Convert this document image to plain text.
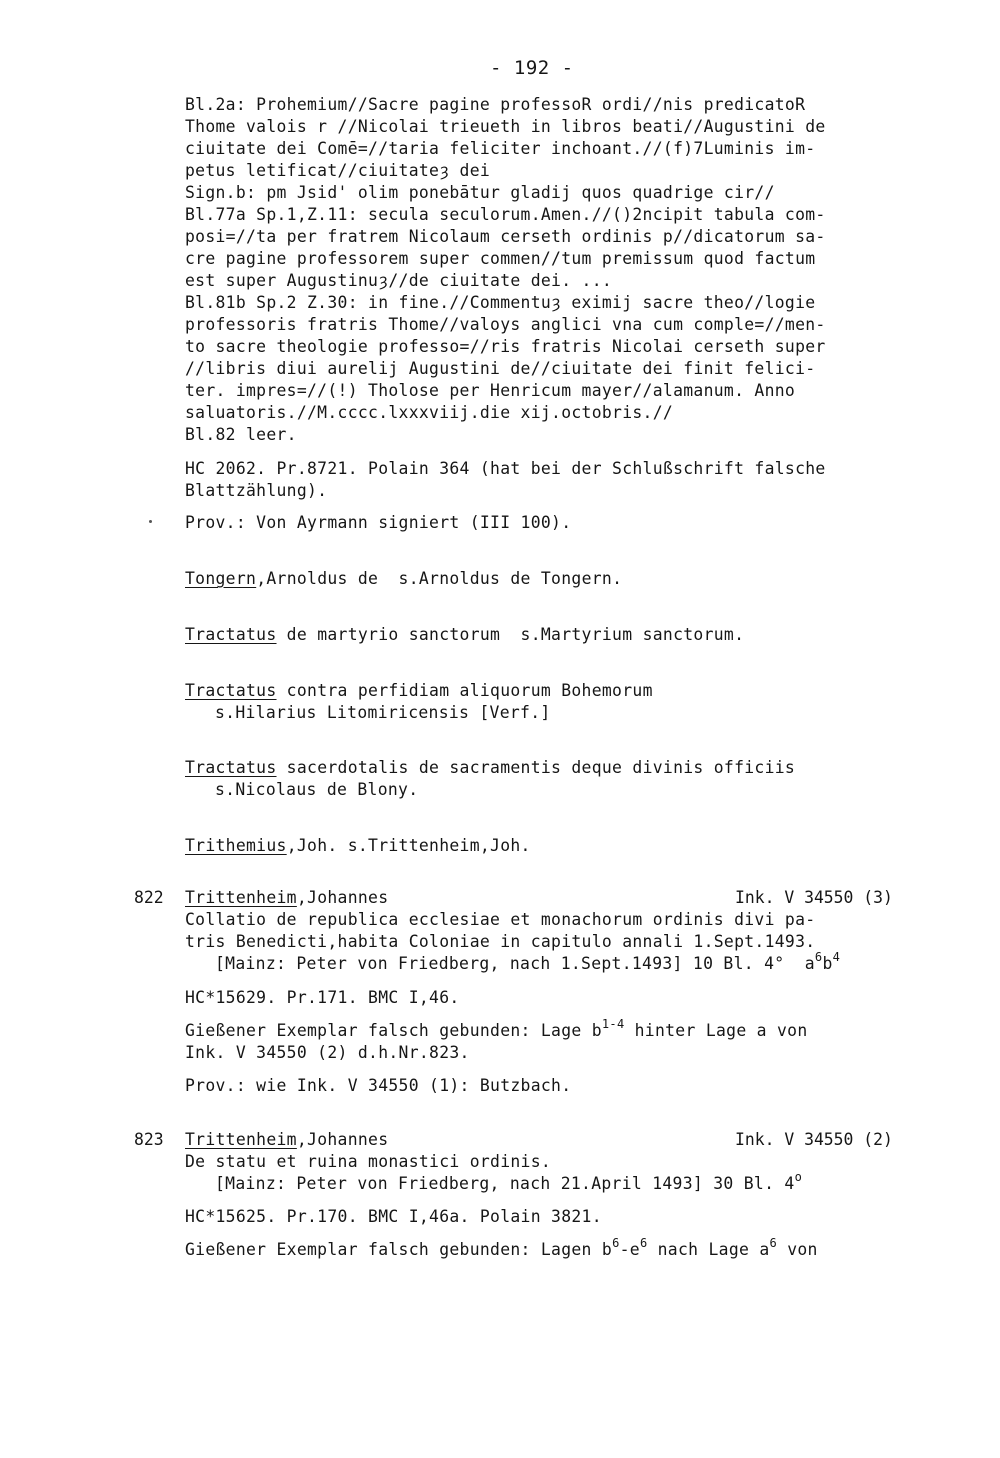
- 192 -
Bl.2a: Prohemium//Sacre pagine professoR ordi//nis predicatoR
Thome valois r //Nicolai trieueth in libros beati//Augustini de
ciuitate dei Comē=//taria feliciter inchoant.//(f)7Luminis im-
petus letificat//ciuitateȝ dei
Sign.b: pm Jsid' olim ponebātur gladij quos quadrige cir//
Bl.77a Sp.1,Z.11: secula seculorum.Amen.//()2ncipit tabula com-
posi=//ta per fratrem Nicolaum cerseth ordinis p//dicatorum sa-
cre pagine professorem super commen//tum premissum quod factum
est super Augustinuȝ//de ciuitate dei. ...
Bl.81b Sp.2 Z.30: in fine.//Commentuȝ eximij sacre theo//logie
professoris fratris Thome//valoys anglici vna cum comple=//men-
to sacre theologie professo=//ris fratris Nicolai cerseth super
//libris diui aurelij Augustini de//ciuitate dei finit felici-
ter. impres=//(!) Tholose per Henricum mayer//alamanum. Anno
saluatoris.//M.cccc.lxxxviij.die xij.octobris.//
Bl.82 leer.
HC 2062. Pr.8721. Polain 364 (hat bei der Schlußschrift falsche
Blattzählung).
Prov.: Von Ayrmann signiert (III 100).
Tongern,Arnoldus de  s.Arnoldus de Tongern.
Tractatus de martyrio sanctorum  s.Martyrium sanctorum.
Tractatus contra perfidiam aliquorum Bohemorum
s.Hilarius Litomiricensis [Verf.]
Tractatus sacerdotalis de sacramentis deque divinis officiis
s.Nicolaus de Blony.
Trithemius,Joh. s.Trittenheim,Joh.
822 Trittenheim,Johannes	Ink. V 34550 (3)
Collatio de republica ecclesiae et monachorum ordinis divi pa-
tris Benedicti,habita Coloniae in capitulo annali 1.Sept.1493.
[Mainz: Peter von Friedberg, nach 1.Sept.1493] 10 Bl. 4°  $a^6b^4$
HC*15629. Pr.171. BMC I,46.
Gießener Exemplar falsch gebunden: Lage $b^{1-4}$ hinter Lage a von
Ink. V 34550 (2) d.h.Nr.823.
Prov.: wie Ink. V 34550 (1): Butzbach.
823 Trittenheim,Johannes	Ink. V 34550 (2)
De statu et ruina monastici ordinis.
[Mainz: Peter von Friedberg, nach 21.April 1493] 30 Bl. 4$^o$
HC*15625. Pr.170. BMC I,46a. Polain 3821.
Gießener Exemplar falsch gebunden: Lagen $b^6-e^6$ nach Lage $a^6$ von
